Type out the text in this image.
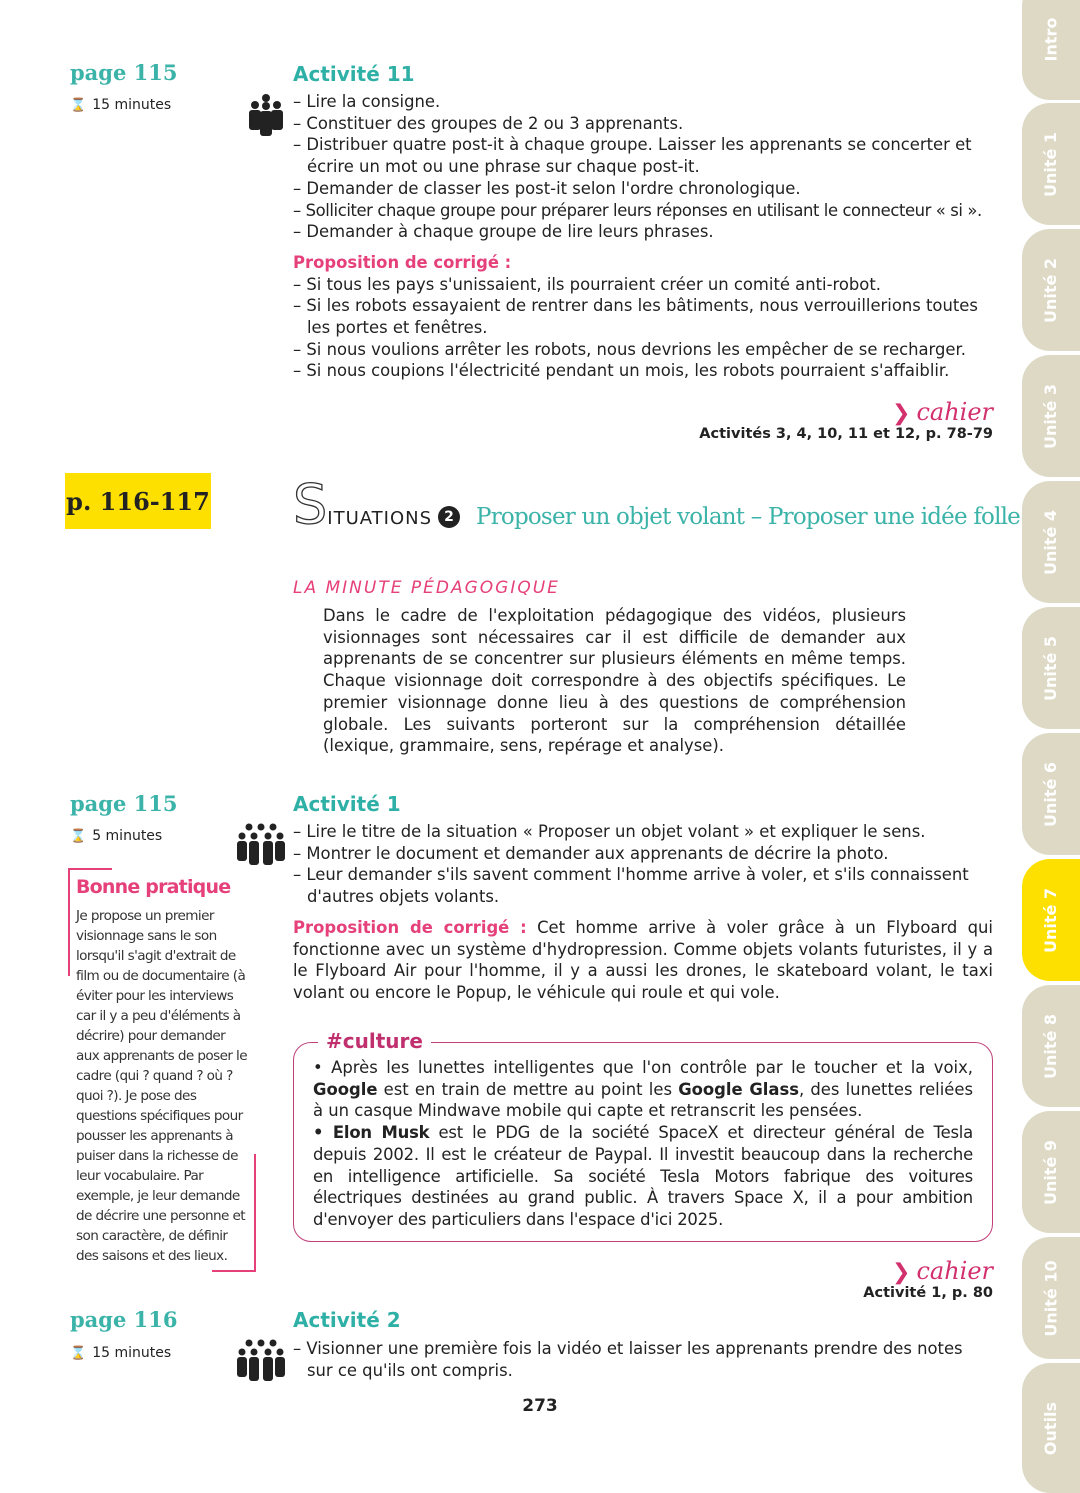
page 115
⌛ 15 minutes
Activité 11
– Lire la consigne.
– Constituer des groupes de 2 ou 3 apprenants.
– Distribuer quatre post-it à chaque groupe. Laisser les apprenants se concerter et écrire un mot ou une phrase sur chaque post-it.
– Demander de classer les post-it selon l'ordre chronologique.
– Solliciter chaque groupe pour préparer leurs réponses en utilisant le connecteur « si ».
– Demander à chaque groupe de lire leurs phrases.
Proposition de corrigé :
– Si tous les pays s'unissaient, ils pourraient créer un comité anti-robot.
– Si les robots essayaient de rentrer dans les bâtiments, nous verrouillerions toutes les portes et fenêtres.
– Si nous voulions arrêter les robots, nous devrions les empêcher de se recharger.
– Si nous coupions l'électricité pendant un mois, les robots pourraient s'affaiblir.
❯ cahier
Activités 3, 4, 10, 11 et 12, p. 78-79
p. 116-117 S ITUATIONS 2 Proposer un objet volant – Proposer une idée folle
LA MINUTE PÉDAGOGIQUE
Dans le cadre de l'exploitation pédagogique des vidéos, plusieurs visionnages sont nécessaires car il est difficile de demander aux apprenants de se concentrer sur plusieurs éléments en même temps. Chaque visionnage doit correspondre à des objectifs spécifiques. Le premier visionnage donne lieu à des questions de compréhension globale. Les suivants porteront sur la compréhension détaillée (lexique, grammaire, sens, repérage et analyse).
page 115
⌛ 5 minutes
Activité 1
– Lire le titre de la situation « Proposer un objet volant » et expliquer le sens.
– Montrer le document et demander aux apprenants de décrire la photo.
– Leur demander s'ils savent comment l'homme arrive à voler, et s'ils connaissent d'autres objets volants.
Proposition de corrigé : Cet homme arrive à voler grâce à un Flyboard qui fonctionne avec un système d'hydropression. Comme objets volants futuristes, il y a le Flyboard Air pour l'homme, il y a aussi les drones, le skateboard volant, le taxi volant ou encore le Popup, le véhicule qui roule et qui vole.
Bonne pratique
Je propose un premier visionnage sans le son lorsqu'il s'agit d'extrait de film ou de documentaire (à éviter pour les interviews car il y a peu d'éléments à décrire) pour demander aux apprenants de poser le cadre (qui ? quand ? où ? quoi ?). Je pose des questions spécifiques pour pousser les apprenants à puiser dans la richesse de leur vocabulaire. Par exemple, je leur demande de décrire une personne et son caractère, de définir des saisons et des lieux.
#culture
• Après les lunettes intelligentes que l'on contrôle par le toucher et la voix, Google est en train de mettre au point les Google Glass, des lunettes reliées à un casque Mindwave mobile qui capte et retranscrit les pensées.
• Elon Musk est le PDG de la société SpaceX et directeur général de Tesla depuis 2002. Il est le créateur de Paypal. Il investit beaucoup dans la recherche en intelligence artificielle. Sa société Tesla Motors fabrique des voitures électriques destinées au grand public. À travers Space X, il a pour ambition d'envoyer des particuliers dans l'espace d'ici 2025.
❯ cahier
Activité 1, p. 80
page 116
⌛ 15 minutes
Activité 2
– Visionner une première fois la vidéo et laisser les apprenants prendre des notes sur ce qu'ils ont compris.
273
Intro
Unité 1
Unité 2
Unité 3
Unité 4
Unité 5
Unité 6
Unité 7
Unité 8
Unité 9
Unité 10
Outils
